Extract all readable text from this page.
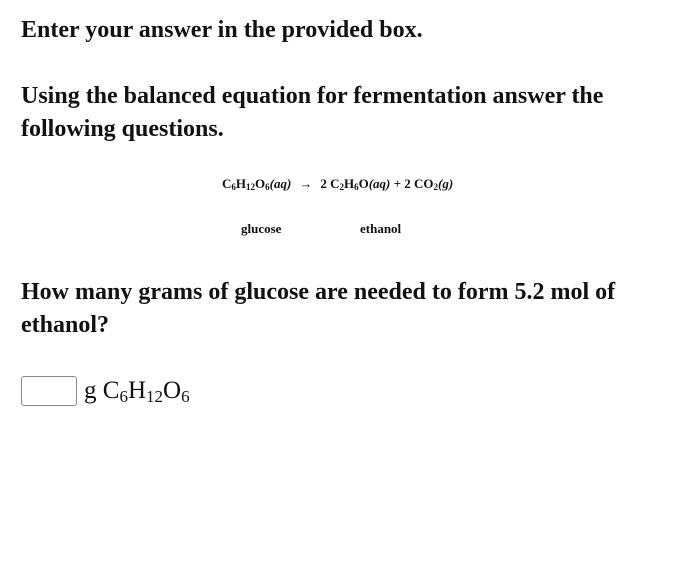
Enter your answer in the provided box.

Using the balanced equation for fermentation answer the following questions.

$C_6H_{12}O_6(aq) \to 2$ $C_2H_6O(aq) + 2$ $CO_2(g)$
glucose	ethanol

How many grams of glucose are needed to form 5.2 mol of ethanol?

g $C_6H_{12}O_6$
